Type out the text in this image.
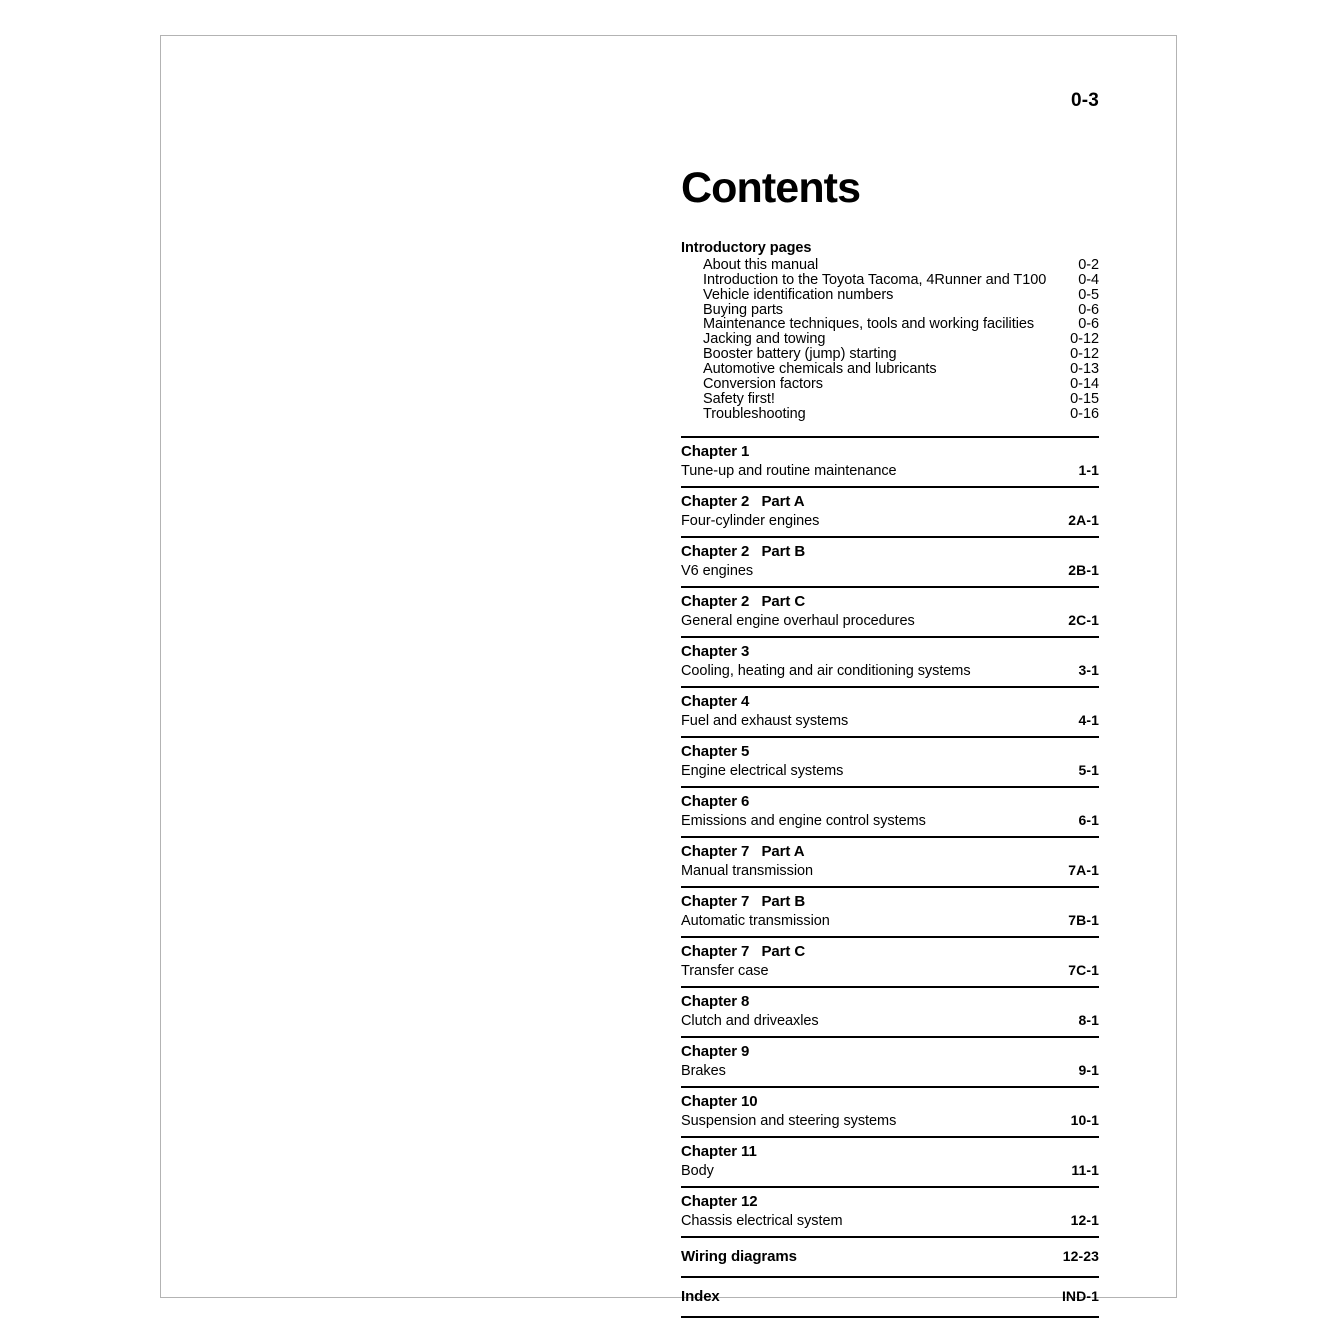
0-3
Contents
Introductory pages
About this manual	0-2
Introduction to the Toyota Tacoma, 4Runner and T100	0-4
Vehicle identification numbers	0-5
Buying parts	0-6
Maintenance techniques, tools and working facilities	0-6
Jacking and towing	0-12
Booster battery (jump) starting	0-12
Automotive chemicals and lubricants	0-13
Conversion factors	0-14
Safety first!	0-15
Troubleshooting	0-16
Chapter 1
Tune-up and routine maintenance	1-1
Chapter 2   Part A
Four-cylinder engines	2A-1
Chapter 2   Part B
V6 engines	2B-1
Chapter 2   Part C
General engine overhaul procedures	2C-1
Chapter 3
Cooling, heating and air conditioning systems	3-1
Chapter 4
Fuel and exhaust systems	4-1
Chapter 5
Engine electrical systems	5-1
Chapter 6
Emissions and engine control systems	6-1
Chapter 7   Part A
Manual transmission	7A-1
Chapter 7   Part B
Automatic transmission	7B-1
Chapter 7   Part C
Transfer case	7C-1
Chapter 8
Clutch and driveaxles	8-1
Chapter 9
Brakes	9-1
Chapter 10
Suspension and steering systems	10-1
Chapter 11
Body	11-1
Chapter 12
Chassis electrical system	12-1
Wiring diagrams	12-23
Index	IND-1
